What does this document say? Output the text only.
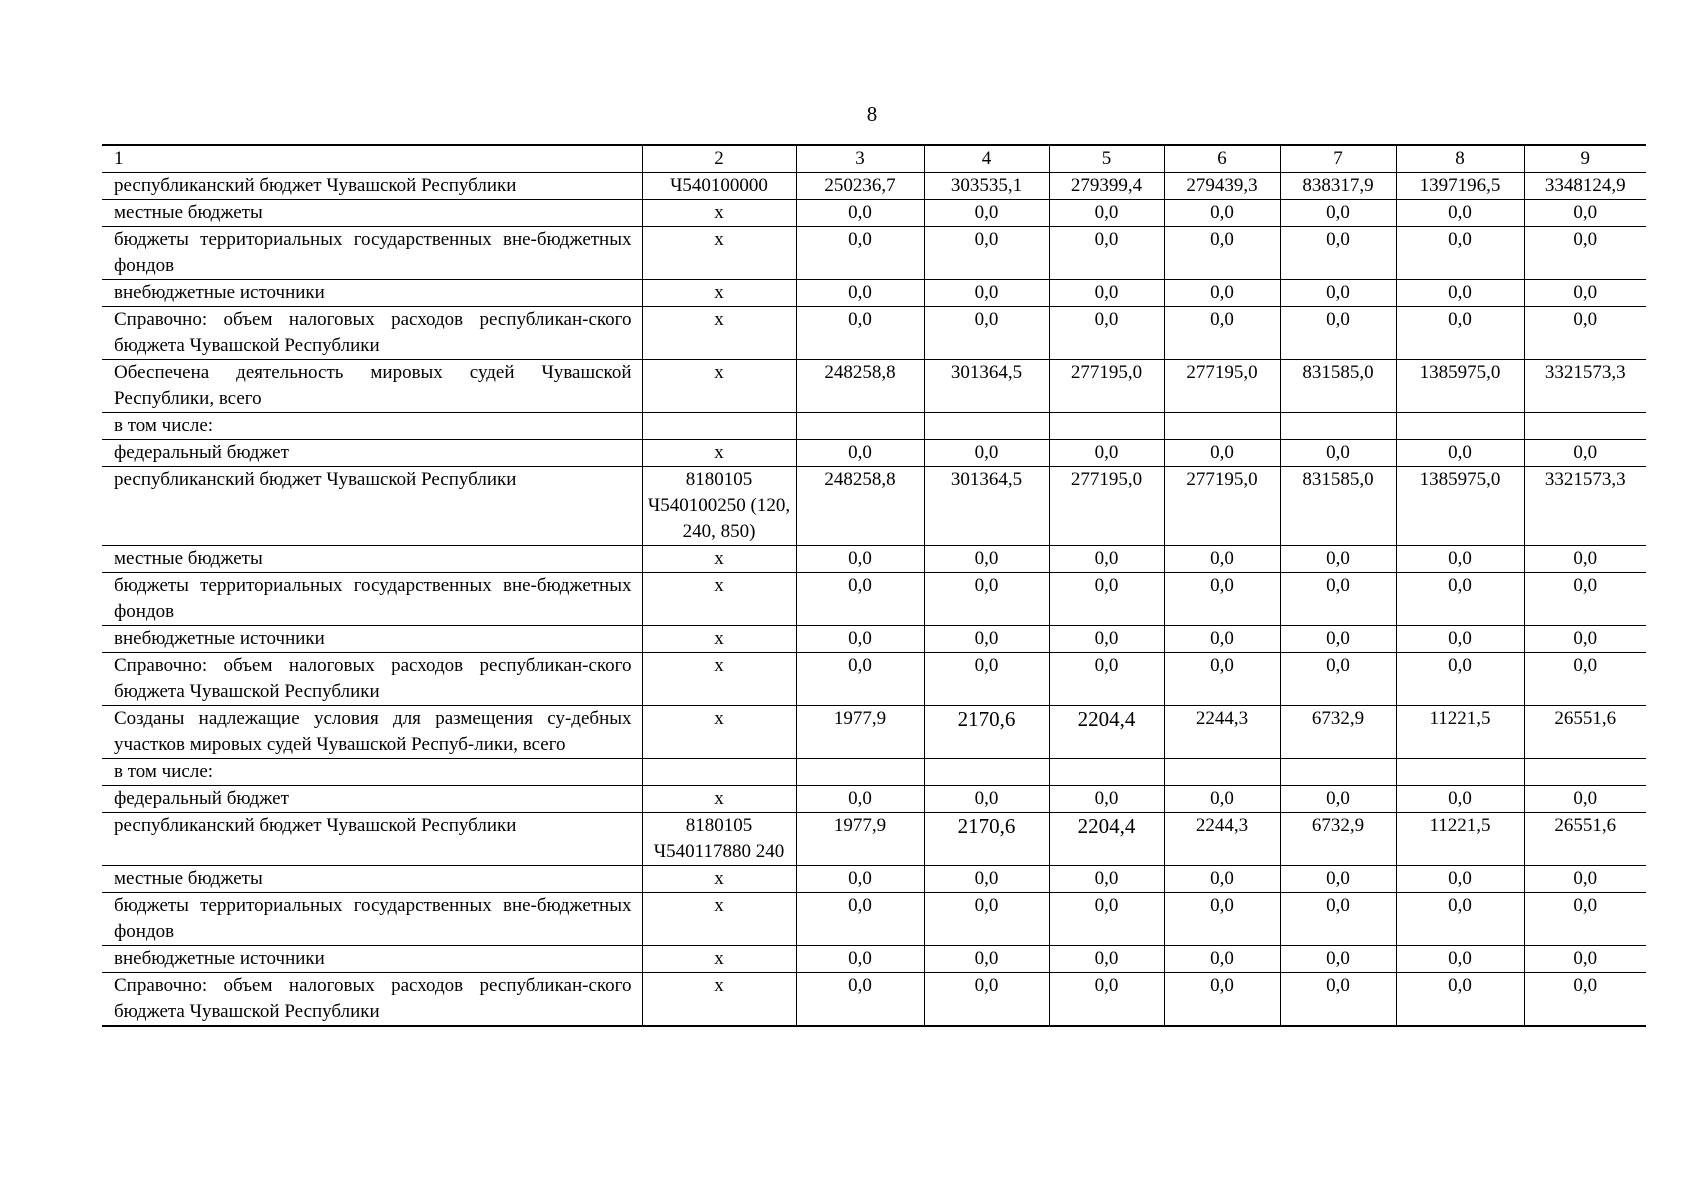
8
1	2	3	4	5	6	7	8	9
республиканский бюджет Чувашской Республики	Ч540100000	250236,7	303535,1	279399,4	279439,3	838317,9	1397196,5	3348124,9
местные бюджеты	х	0,0	0,0	0,0	0,0	0,0	0,0	0,0
бюджеты территориальных государственных вне-бюджетных фондов	х	0,0	0,0	0,0	0,0	0,0	0,0	0,0
внебюджетные источники	х	0,0	0,0	0,0	0,0	0,0	0,0	0,0
Справочно: объем налоговых расходов республикан-ского бюджета Чувашской Республики	х	0,0	0,0	0,0	0,0	0,0	0,0	0,0
Обеспечена деятельность мировых судей Чувашской Республики, всего	х	248258,8	301364,5	277195,0	277195,0	831585,0	1385975,0	3321573,3
в том числе:								
федеральный бюджет	х	0,0	0,0	0,0	0,0	0,0	0,0	0,0
республиканский бюджет Чувашской Республики	8180105 Ч540100250 (120, 240, 850)	248258,8	301364,5	277195,0	277195,0	831585,0	1385975,0	3321573,3
местные бюджеты	х	0,0	0,0	0,0	0,0	0,0	0,0	0,0
бюджеты территориальных государственных вне-бюджетных фондов	х	0,0	0,0	0,0	0,0	0,0	0,0	0,0
внебюджетные источники	х	0,0	0,0	0,0	0,0	0,0	0,0	0,0
Справочно: объем налоговых расходов республикан-ского бюджета Чувашской Республики	х	0,0	0,0	0,0	0,0	0,0	0,0	0,0
Созданы надлежащие условия для размещения су-дебных участков мировых судей Чувашской Респуб-лики, всего	х	1977,9	2170,6	2204,4	2244,3	6732,9	11221,5	26551,6
в том числе:								
федеральный бюджет	х	0,0	0,0	0,0	0,0	0,0	0,0	0,0
республиканский бюджет Чувашской Республики	8180105 Ч540117880 240	1977,9	2170,6	2204,4	2244,3	6732,9	11221,5	26551,6
местные бюджеты	х	0,0	0,0	0,0	0,0	0,0	0,0	0,0
бюджеты территориальных государственных вне-бюджетных фондов	х	0,0	0,0	0,0	0,0	0,0	0,0	0,0
внебюджетные источники	х	0,0	0,0	0,0	0,0	0,0	0,0	0,0
Справочно: объем налоговых расходов республикан-ского бюджета Чувашской Республики	х	0,0	0,0	0,0	0,0	0,0	0,0	0,0
